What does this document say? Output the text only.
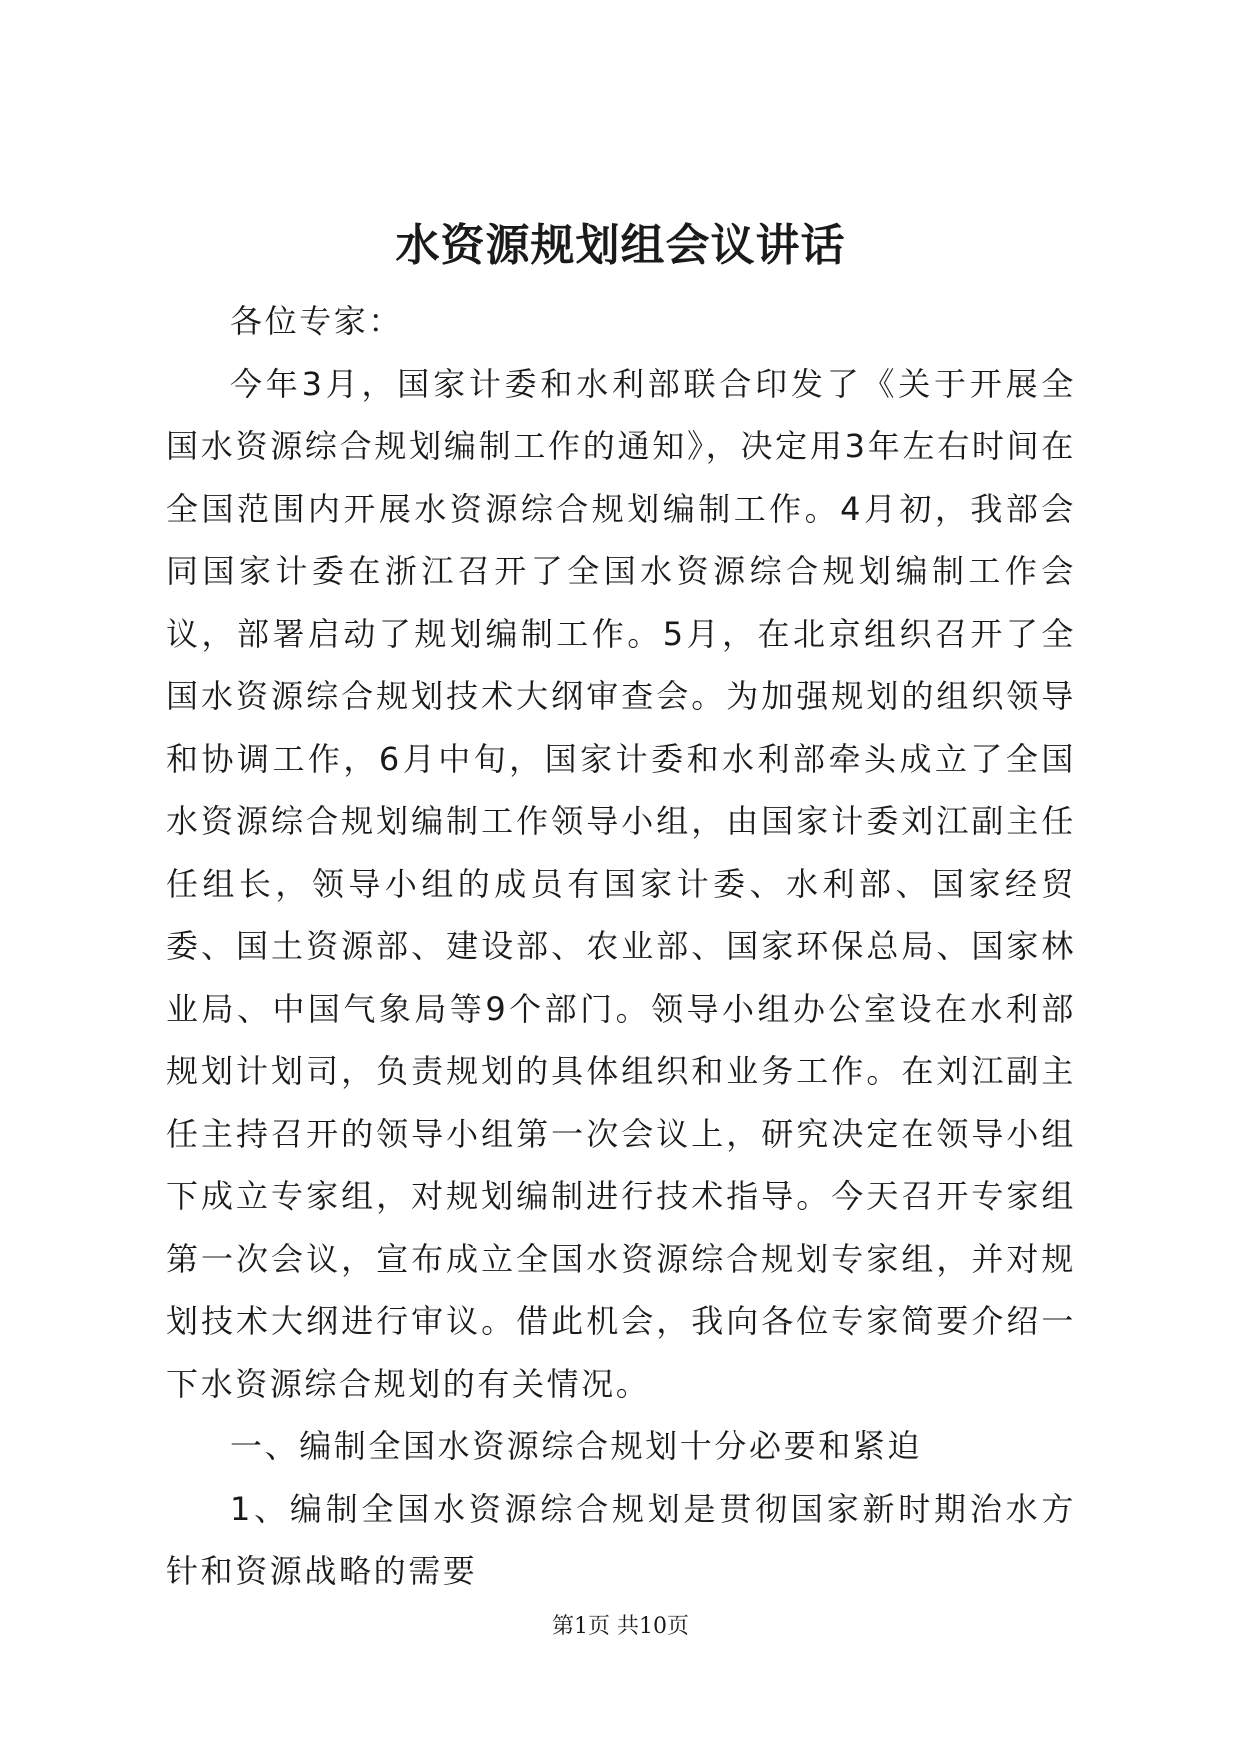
水资源规划组会议讲话

各位专家：

今年3月，国家计委和水利部联合印发了《关于开展全国水资源综合规划编制工作的通知》，决定用3年左右时间在全国范围内开展水资源综合规划编制工作。4月初，我部会同国家计委在浙江召开了全国水资源综合规划编制工作会议，部署启动了规划编制工作。5月，在北京组织召开了全国水资源综合规划技术大纲审查会。为加强规划的组织领导和协调工作，6月中旬，国家计委和水利部牵头成立了全国水资源综合规划编制工作领导小组，由国家计委刘江副主任任组长，领导小组的成员有国家计委、水利部、国家经贸委、国土资源部、建设部、农业部、国家环保总局、国家林业局、中国气象局等9个部门。领导小组办公室设在水利部规划计划司，负责规划的具体组织和业务工作。在刘江副主任主持召开的领导小组第一次会议上，研究决定在领导小组下成立专家组，对规划编制进行技术指导。今天召开专家组第一次会议，宣布成立全国水资源综合规划专家组，并对规划技术大纲进行审议。借此机会，我向各位专家简要介绍一下水资源综合规划的有关情况。

一、编制全国水资源综合规划十分必要和紧迫

1、编制全国水资源综合规划是贯彻国家新时期治水方针和资源战略的需要

第1页 共10页
